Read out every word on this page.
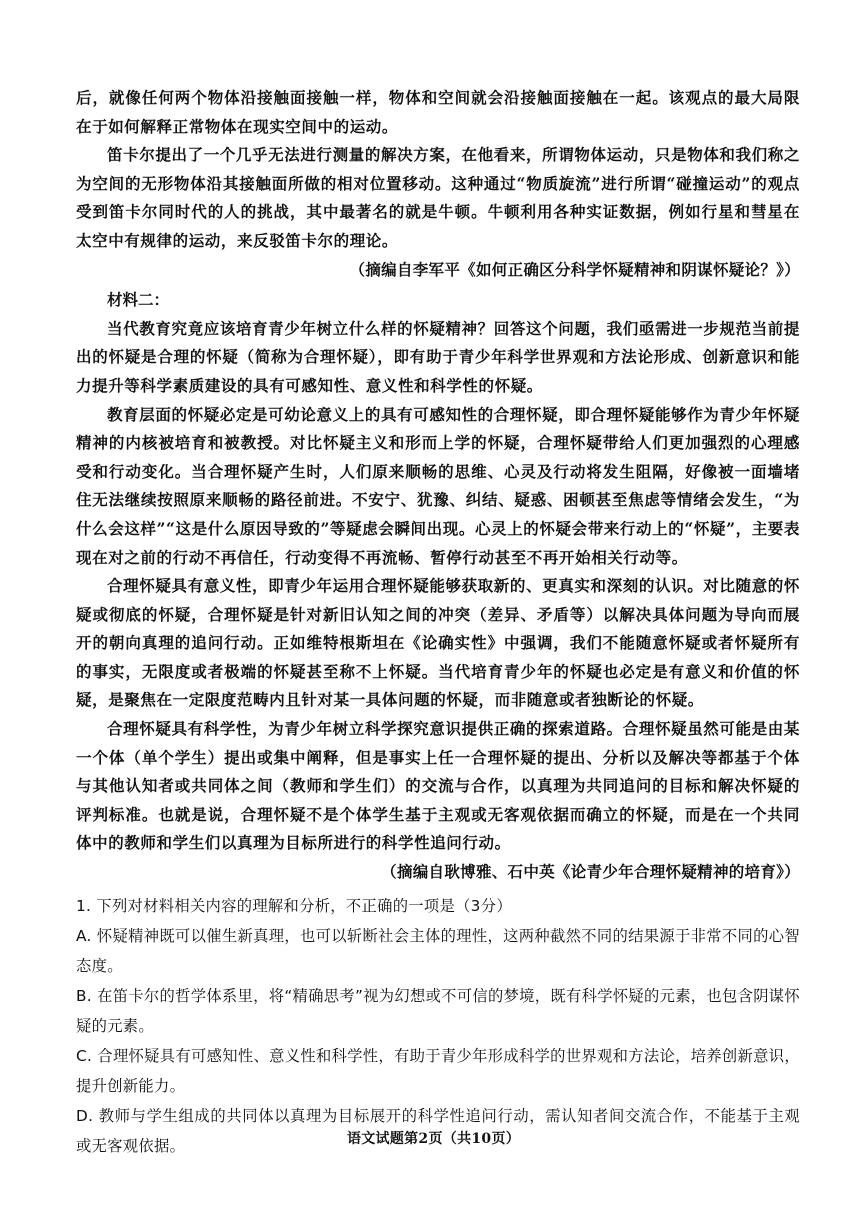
后，就像任何两个物体沿接触面接触一样，物体和空间就会沿接触面接触在一起。该观点的最大局限在于如何解释正常物体在现实空间中的运动。

笛卡尔提出了一个几乎无法进行测量的解决方案，在他看来，所谓物体运动，只是物体和我们称之为空间的无形物体沿其接触面所做的相对位置移动。这种通过“物质旋流”进行所谓“碰撞运动”的观点受到笛卡尔同时代的人的挑战，其中最著名的就是牛顿。牛顿利用各种实证数据，例如行星和彗星在太空中有规律的运动，来反驳笛卡尔的理论。

（摘编自李军平《如何正确区分科学怀疑精神和阴谋怀疑论？》）

材料二：

当代教育究竟应该培育青少年树立什么样的怀疑精神？回答这个问题，我们亟需进一步规范当前提出的怀疑是合理的怀疑（简称为合理怀疑），即有助于青少年科学世界观和方法论形成、创新意识和能力提升等科学素质建设的具有可感知性、意义性和科学性的怀疑。

教育层面的怀疑必定是可幼论意义上的具有可感知性的合理怀疑，即合理怀疑能够作为青少年怀疑精神的内核被培育和被教授。对比怀疑主义和形而上学的怀疑，合理怀疑带给人们更加强烈的心理感受和行动变化。当合理怀疑产生时，人们原来顺畅的思维、心灵及行动将发生阻隔，好像被一面墙堵住无法继续按照原来顺畅的路径前进。不安宁、犹豫、纠结、疑惑、困顿甚至焦虑等情绪会发生，“为什么会这样”“这是什么原因导致的”等疑虑会瞬间出现。心灵上的怀疑会带来行动上的“怀疑”，主要表现在对之前的行动不再信任，行动变得不再流畅、暂停行动甚至不再开始相关行动等。

合理怀疑具有意义性，即青少年运用合理怀疑能够获取新的、更真实和深刻的认识。对比随意的怀疑或彻底的怀疑，合理怀疑是针对新旧认知之间的冲突（差异、矛盾等）以解决具体问题为导向而展开的朝向真理的追问行动。正如维特根斯坦在《论确实性》中强调，我们不能随意怀疑或者怀疑所有的事实，无限度或者极端的怀疑甚至称不上怀疑。当代培育青少年的怀疑也必定是有意义和价值的怀疑，是聚焦在一定限度范畴内且针对某一具体问题的怀疑，而非随意或者独断论的怀疑。

合理怀疑具有科学性，为青少年树立科学探究意识提供正确的探索道路。合理怀疑虽然可能是由某一个体（单个学生）提出或集中阐释，但是事实上任一合理怀疑的提出、分析以及解决等都基于个体与其他认知者或共同体之间（教师和学生们）的交流与合作，以真理为共同追问的目标和解决怀疑的评判标准。也就是说，合理怀疑不是个体学生基于主观或无客观依据而确立的怀疑，而是在一个共同体中的教师和学生们以真理为目标所进行的科学性追问行动。

（摘编自耿博雅、石中英《论青少年合理怀疑精神的培育》）

1. 下列对材料相关内容的理解和分析，不正确的一项是（3分）

A. 怀疑精神既可以催生新真理，也可以斩断社会主体的理性，这两种截然不同的结果源于非常不同的心智态度。

B. 在笛卡尔的哲学体系里，将“精确思考”视为幻想或不可信的梦境，既有科学怀疑的元素，也包含阴谋怀疑的元素。

C. 合理怀疑具有可感知性、意义性和科学性，有助于青少年形成科学的世界观和方法论，培养创新意识，提升创新能力。

D. 教师与学生组成的共同体以真理为目标展开的科学性追问行动，需认知者间交流合作，不能基于主观或无客观依据。	语文试题第2页（共10页）
